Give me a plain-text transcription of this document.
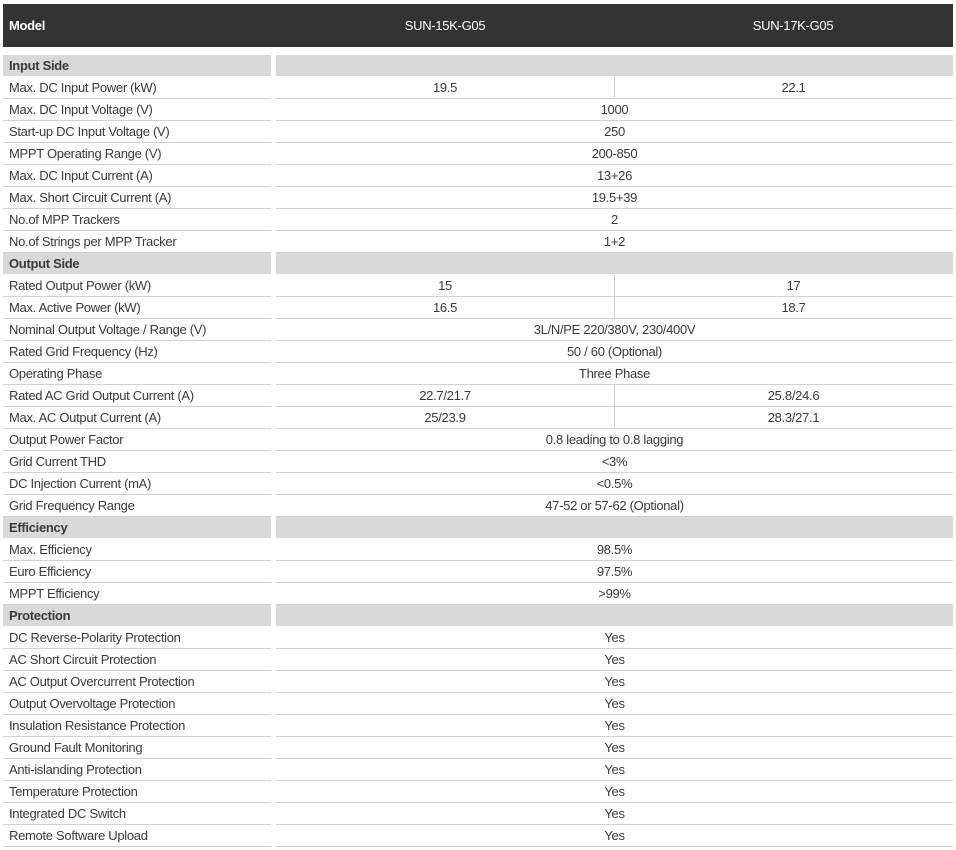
Model	SUN-15K-G05	SUN-17K-G05
Input Side
Max. DC Input Power (kW)	19.5	22.1
Max. DC Input Voltage (V)	1000
Start-up DC Input Voltage (V)	250
MPPT Operating Range (V)	200-850
Max. DC Input Current (A)	13+26
Max. Short Circuit Current (A)	19.5+39
No.of MPP Trackers	2
No.of Strings per MPP Tracker	1+2
Output Side
Rated Output Power (kW)	15	17
Max. Active Power (kW)	16.5	18.7
Nominal Output Voltage / Range (V)	3L/N/PE 220/380V, 230/400V
Rated Grid Frequency (Hz)	50 / 60 (Optional)
Operating Phase	Three Phase
Rated AC Grid Output Current (A)	22.7/21.7	25.8/24.6
Max. AC Output Current (A)	25/23.9	28.3/27.1
Output Power Factor	0.8 leading to 0.8 lagging
Grid Current THD	<3%
DC Injection Current (mA)	<0.5%
Grid Frequency Range	47-52 or 57-62 (Optional)
Efficiency
Max. Efficiency	98.5%
Euro Efficiency	97.5%
MPPT Efficiency	>99%
Protection
DC Reverse-Polarity Protection	Yes
AC Short Circuit Protection	Yes
AC Output Overcurrent Protection	Yes
Output Overvoltage Protection	Yes
Insulation Resistance Protection	Yes
Ground Fault Monitoring	Yes
Anti-islanding Protection	Yes
Temperature Protection	Yes
Integrated DC Switch	Yes
Remote Software Upload	Yes
